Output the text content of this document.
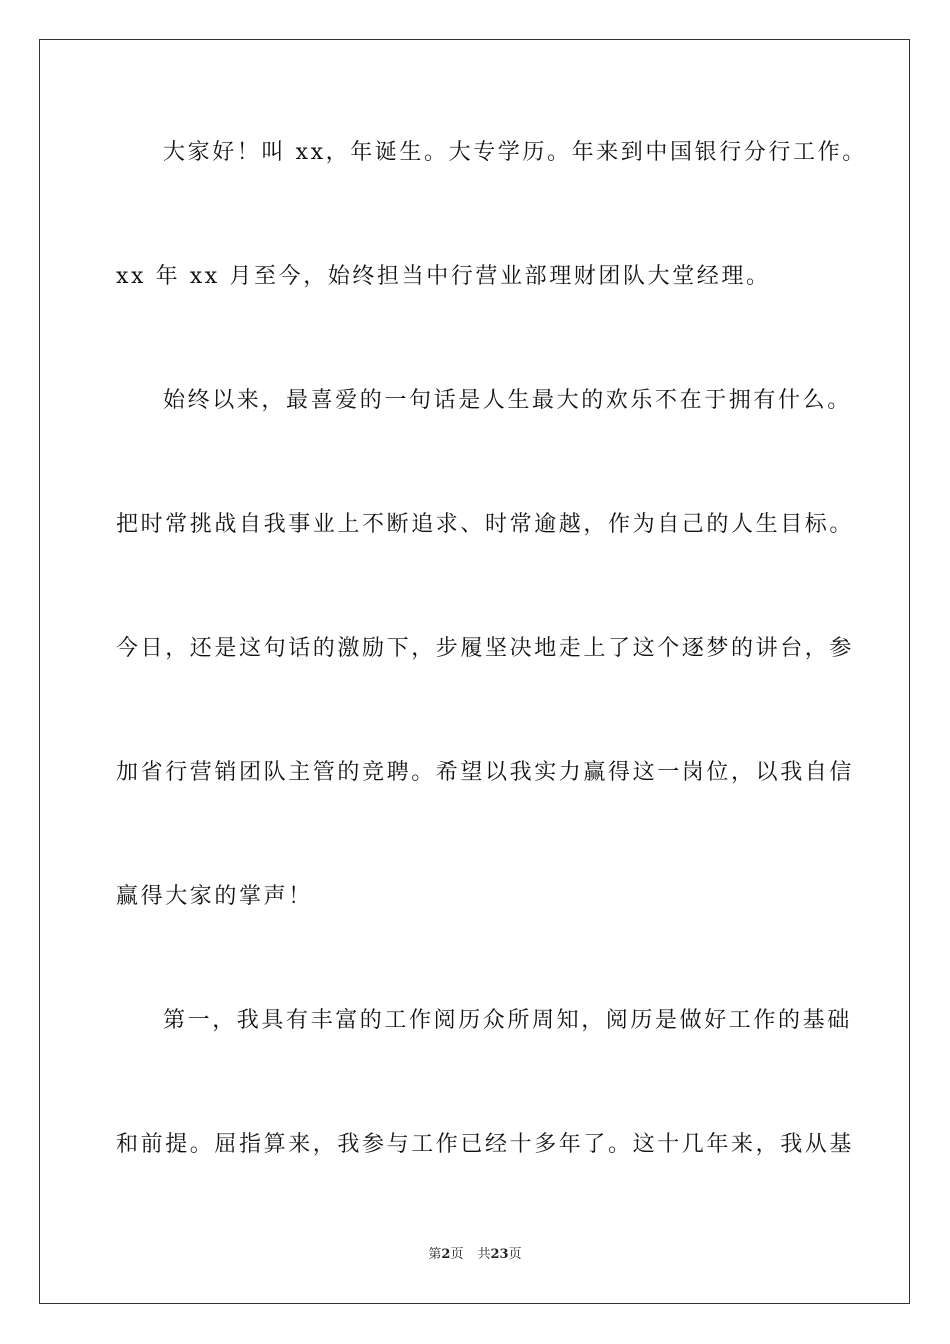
大家好！叫 xx，年诞生。大专学历。年来到中国银行分行工作。
xx 年 xx 月至今，始终担当中行营业部理财团队大堂经理。
始终以来，最喜爱的一句话是人生最大的欢乐不在于拥有什么。
把时常挑战自我事业上不断追求、时常逾越，作为自己的人生目标。
今日，还是这句话的激励下，步履坚决地走上了这个逐梦的讲台，参
加省行营销团队主管的竞聘。希望以我实力赢得这一岗位，以我自信
赢得大家的掌声！
第一，我具有丰富的工作阅历众所周知，阅历是做好工作的基础
和前提。屈指算来，我参与工作已经十多年了。这十几年来，我从基
第2页 共23页
